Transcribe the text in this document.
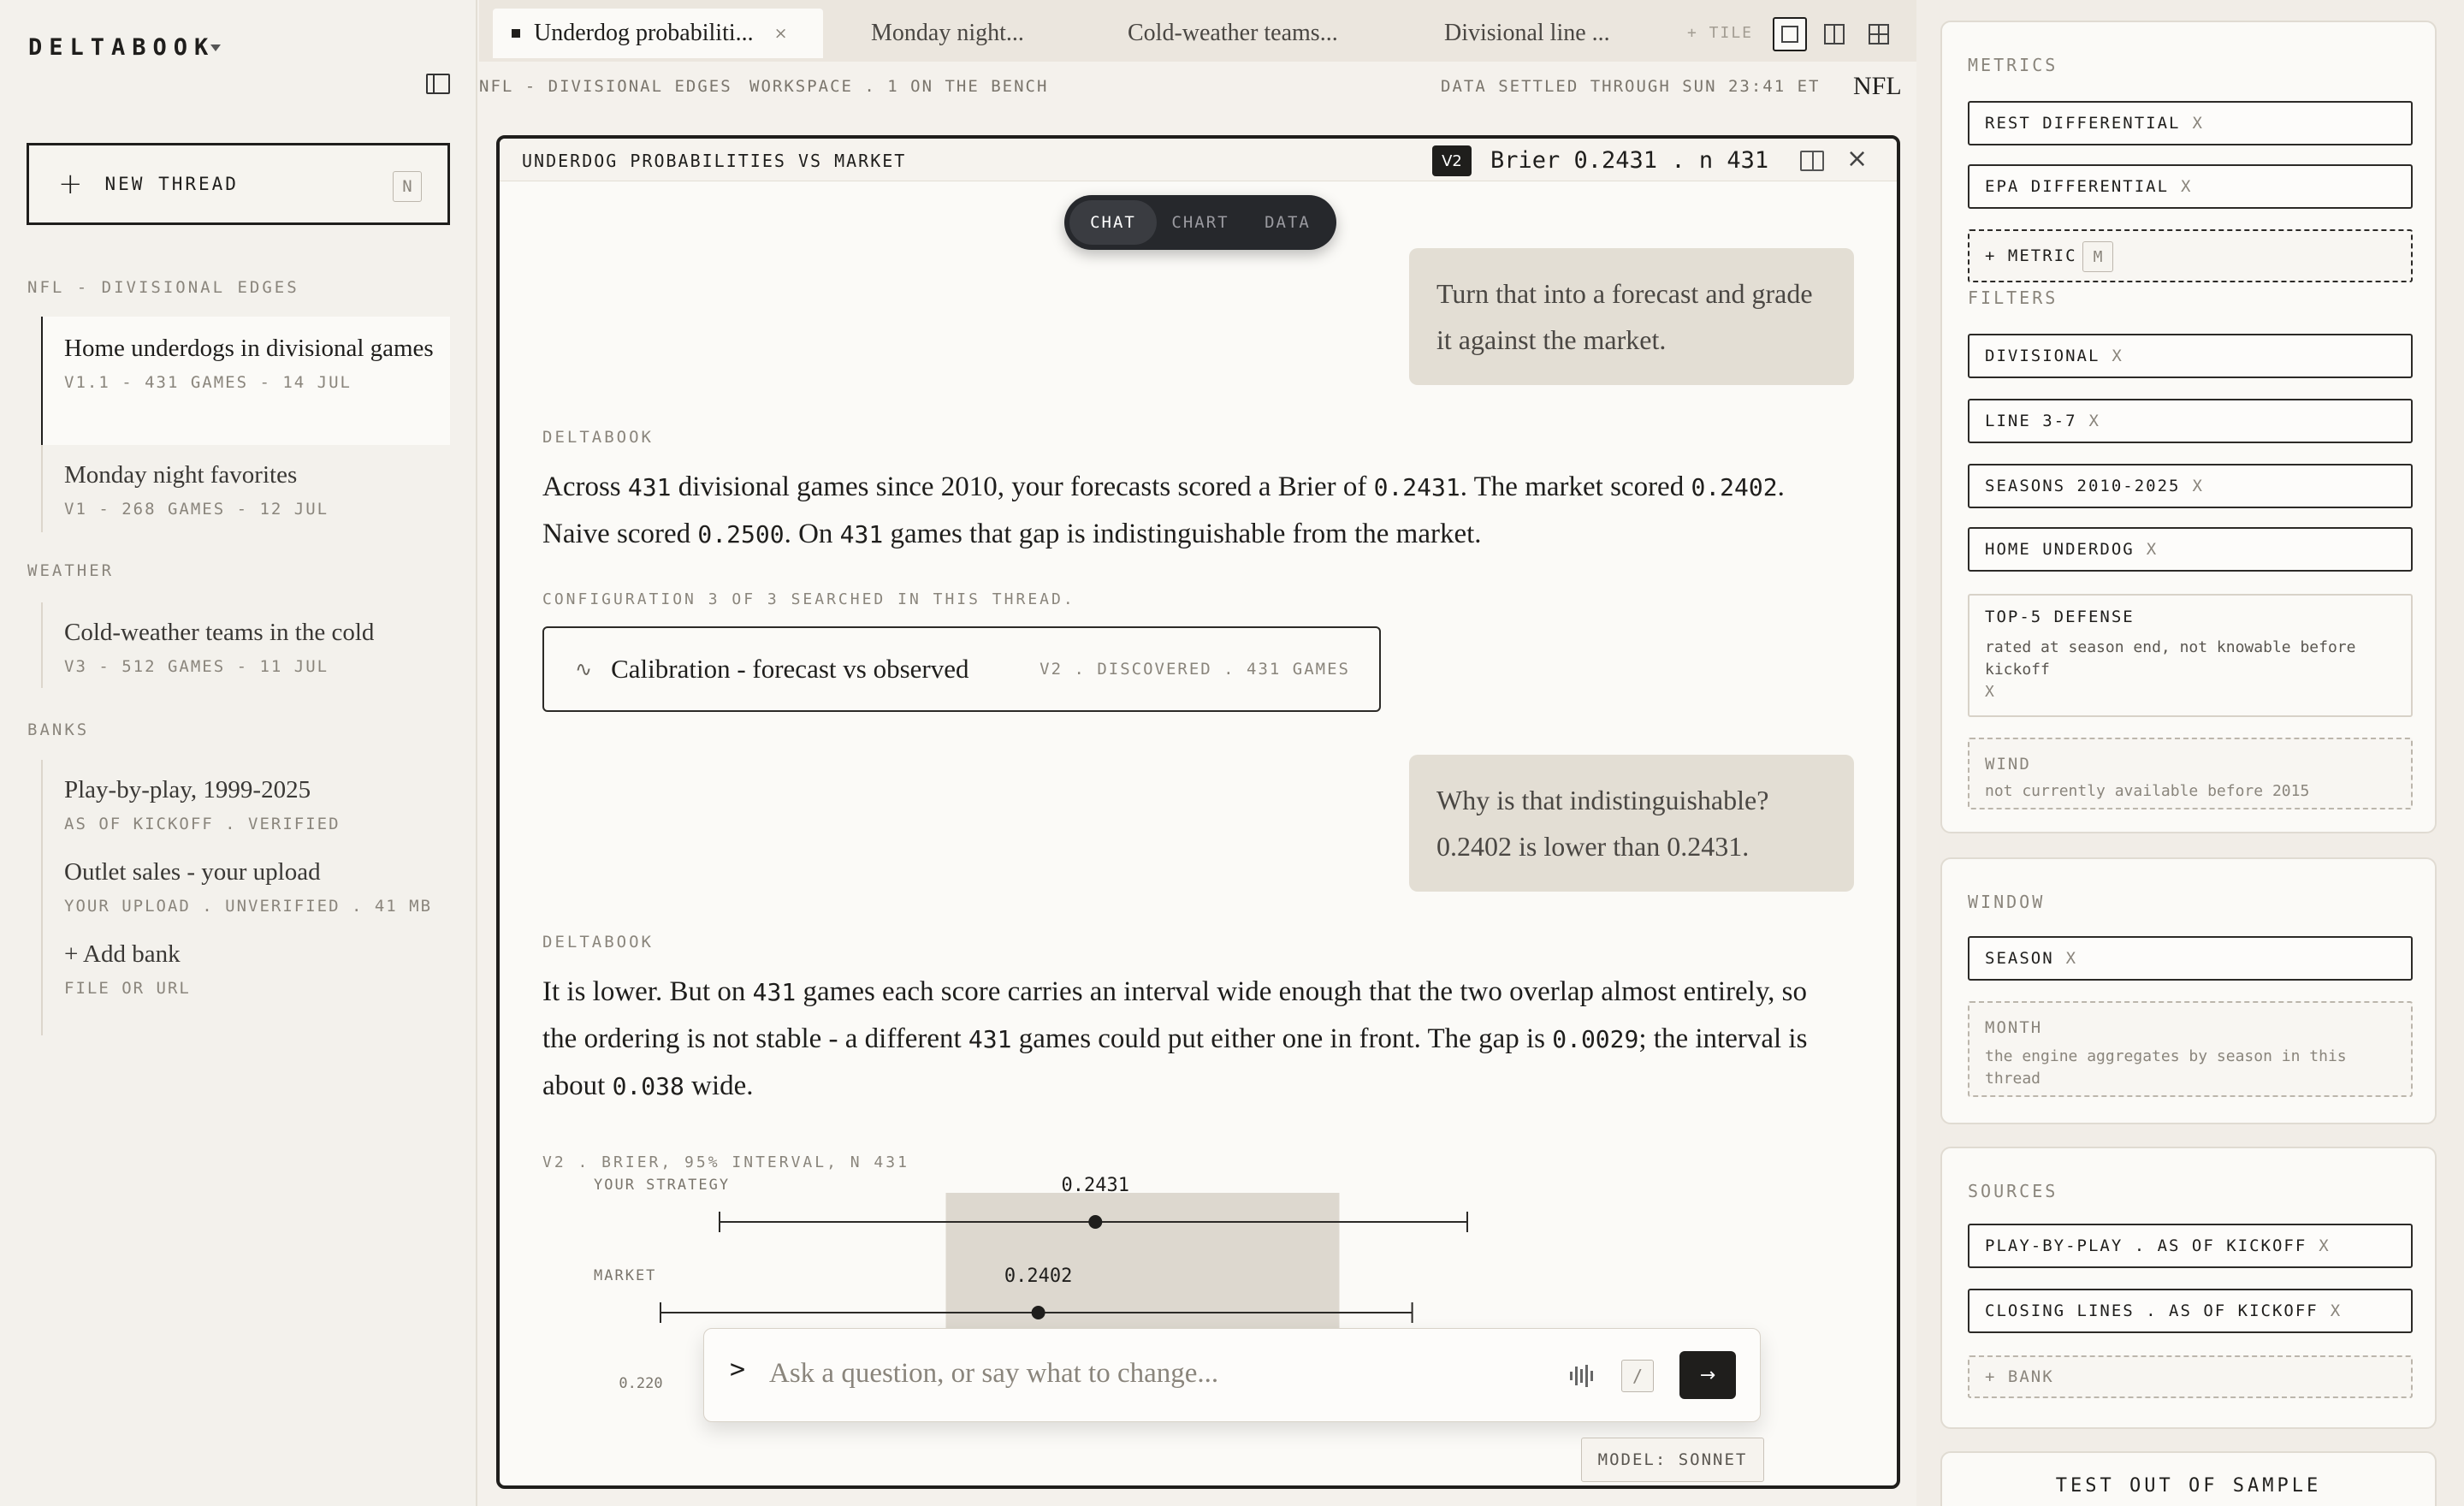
DELTABOOK
+ NEW THREAD	N
NFL - DIVISIONAL EDGES
Home underdogs in divisional games
V1.1 - 431 GAMES - 14 JUL
Monday night favorites
V1 - 268 GAMES - 12 JUL
WEATHER
Cold-weather teams in the cold
V3 - 512 GAMES - 11 JUL
BANKS
Play-by-play, 1999-2025
AS OF KICKOFF . VERIFIED
Outlet sales - your upload
YOUR UPLOAD . UNVERIFIED . 41 MB
+ Add bank
FILE OR URL
Underdog probabiliti... ×	Monday night...	Cold-weather teams...	Divisional line ...	+ TILE
NFL - DIVISIONAL EDGES WORKSPACE . 1 ON THE BENCH	DATA SETTLED THROUGH SUN 23:41 ET NFL
UNDERDOG PROBABILITIES VS MARKET	V2	Brier 0.2431 . n 431	×
CHAT	CHART	DATA
Turn that into a forecast and grade it against the market.
DELTABOOK
Across 431 divisional games since 2010, your forecasts scored a Brier of 0.2431. The market scored 0.2402. Naive scored 0.2500. On 431 games that gap is indistinguishable from the market.
CONFIGURATION 3 OF 3 SEARCHED IN THIS THREAD.
∿ Calibration - forecast vs observed	V2 . DISCOVERED . 431 GAMES
Why is that indistinguishable? 0.2402 is lower than 0.2431.
DELTABOOK
It is lower. But on 431 games each score carries an interval wide enough that the two overlap almost entirely, so the ordering is not stable - a different 431 games could put either one in front. The gap is 0.0029; the interval is about 0.038 wide.
V2 . BRIER, 95% INTERVAL, N 431
YOUR STRATEGY	0.2431
MARKET	0.2402
0.220	>
Ask a question, or say what to change...	/	→
MODEL: SONNET
METRICS
REST DIFFERENTIAL X
EPA DIFFERENTIAL X
+ METRIC	M
FILTERS
DIVISIONAL X
LINE 3-7 X
SEASONS 2010-2025 X
HOME UNDERDOG X
TOP-5 DEFENSE
rated at season end, not knowable before kickoff
X
WIND
not currently available before 2015
WINDOW
SEASON X
MONTH
the engine aggregates by season in this thread
SOURCES
PLAY-BY-PLAY . AS OF KICKOFF X
CLOSING LINES . AS OF KICKOFF X
+ BANK
TEST OUT OF SAMPLE
